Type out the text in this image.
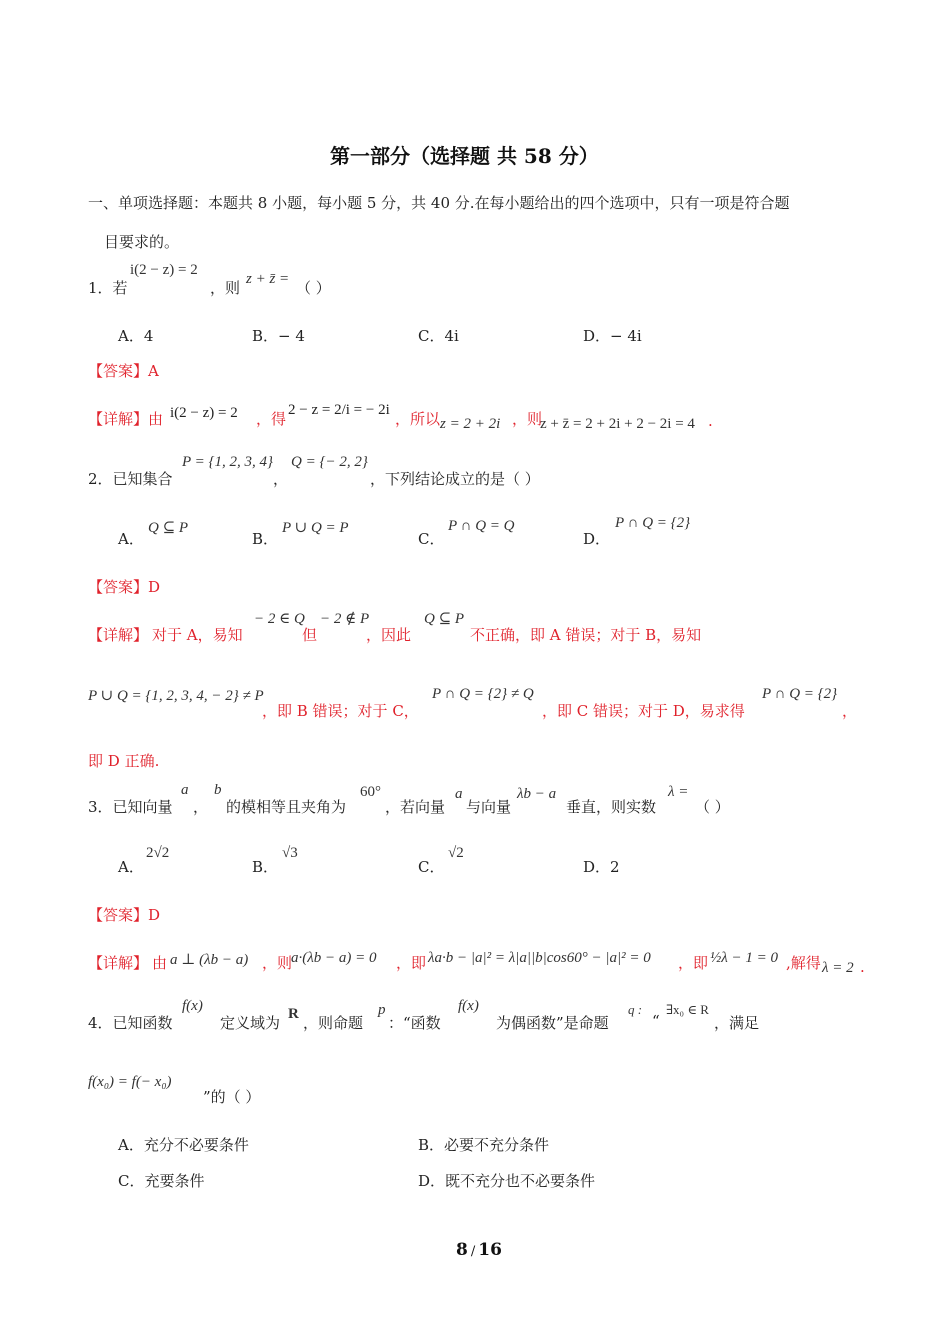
第一部分（选择题 共 58 分）
一、单项选择题：本题共 8 小题，每小题 5 分，共 40 分.在每小题给出的四个选项中，只有一项是符合题
目要求的。
1．若
i(2 − z) = 2
，则 z + z̄ = （ ）
A．4	B．− 4	C．4i	D．− 4i
【答案】A
【详解】由 i(2 − z) = 2 ，得 2 − z = 2/i = − 2i ，所以 z = 2 + 2i ，则
z + z̄ = 2 + 2i + 2 − 2i = 4 .
2．已知集合
P = {1, 2, 3, 4}
，
Q = {− 2, 2}
，下列结论成立的是（ ）
A．
Q ⊆ P
B．
P ∪ Q = P
C．
P ∩ Q = Q
D．
P ∩ Q = {2}
【答案】D
【详解】 对于 A，易知
− 2 ∈ Q
但
− 2 ∉ P
，因此
Q ⊆ P
不正确，即 A 错误；对于 B，易知
P ∪ Q = {1, 2, 3, 4, − 2} ≠ P
，即 B 错误；对于 C，
P ∩ Q = {2} ≠ Q
，即 C 错误；对于 D，易求得
P ∩ Q = {2}
，
即 D 正确.
3．已知向量
a
，
b
的模相等且夹角为
60°
，若向量
a
与向量
λb − a
垂直，则实数
λ =
（ ）
A．
2√2
B．
√3
C．
√2
D．2
【答案】D
【详解】 由 a ⊥ (λb − a) ，则
a·(λb − a) = 0 ，即 λa·b − |a|² = λ|a||b|cos60° − |a|² = 0 ，即 ½λ − 1 = 0 ,解得 λ = 2 .
4．已知函数
f(x)
定义域为 R ，则命题
p
：“函数
f(x)
为偶函数”是命题
q :
“
∃x₀ ∈ R
，满足
f(x₀) = f(− x₀)
”的（ ）
A．充分不必要条件	B．必要不充分条件
C．充要条件	D．既不充分也不必要条件
8 / 16
